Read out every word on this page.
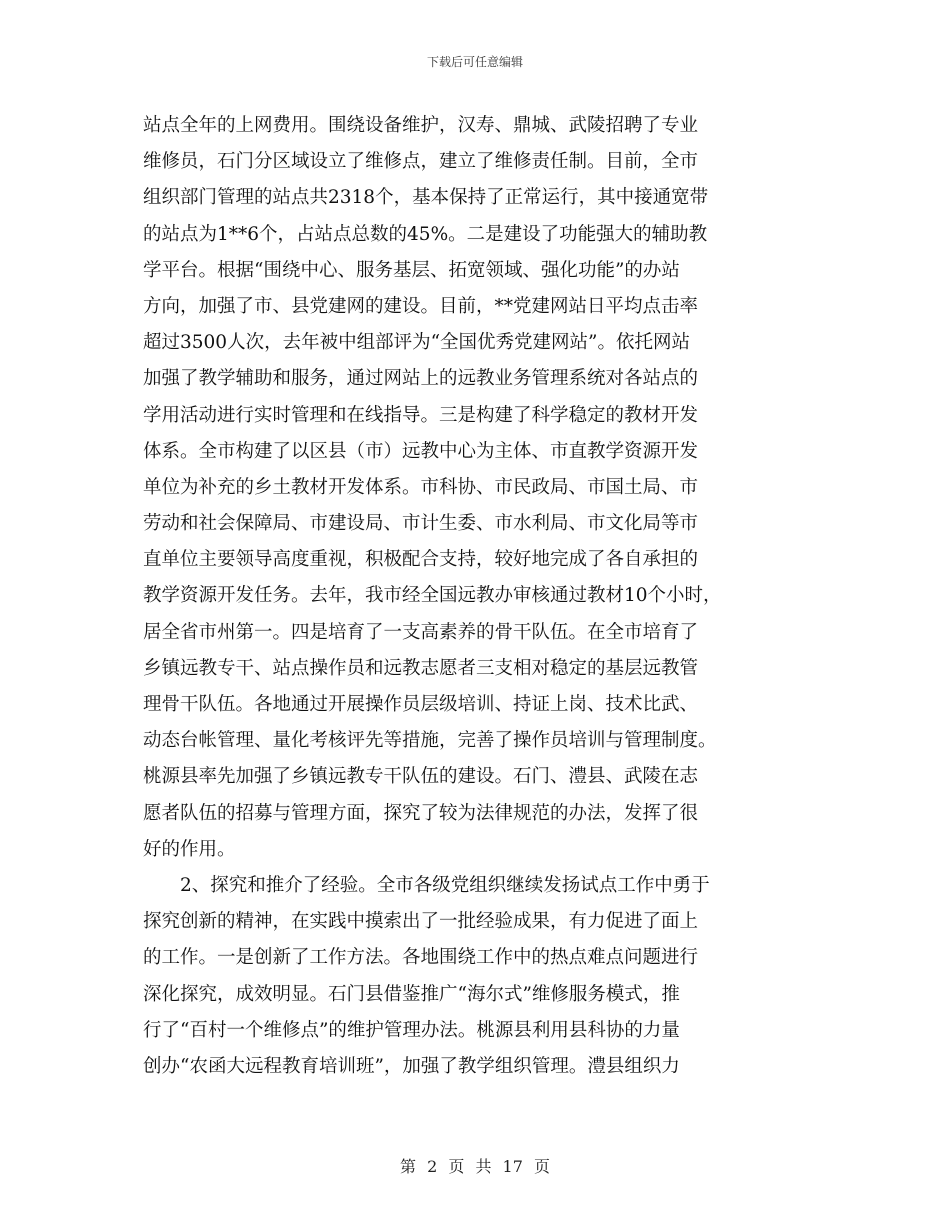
下载后可任意编辑
站点全年的上网费用。围绕设备维护，汉寿、鼎城、武陵招聘了专业
维修员，石门分区域设立了维修点，建立了维修责任制。目前，全市
组织部门管理的站点共2318个，基本保持了正常运行，其中接通宽带
的站点为1**6个，占站点总数的45%。二是建设了功能强大的辅助教
学平台。根据“围绕中心、服务基层、拓宽领域、强化功能”的办站
方向，加强了市、县党建网的建设。目前，**党建网站日平均点击率
超过3500人次，去年被中组部评为“全国优秀党建网站”。依托网站
加强了教学辅助和服务，通过网站上的远教业务管理系统对各站点的
学用活动进行实时管理和在线指导。三是构建了科学稳定的教材开发
体系。全市构建了以区县（市）远教中心为主体、市直教学资源开发
单位为补充的乡土教材开发体系。市科协、市民政局、市国土局、市
劳动和社会保障局、市建设局、市计生委、市水利局、市文化局等市
直单位主要领导高度重视，积极配合支持，较好地完成了各自承担的
教学资源开发任务。去年，我市经全国远教办审核通过教材10个小时，
居全省市州第一。四是培育了一支高素养的骨干队伍。在全市培育了
乡镇远教专干、站点操作员和远教志愿者三支相对稳定的基层远教管
理骨干队伍。各地通过开展操作员层级培训、持证上岗、技术比武、
动态台帐管理、量化考核评先等措施，完善了操作员培训与管理制度。
桃源县率先加强了乡镇远教专干队伍的建设。石门、澧县、武陵在志
愿者队伍的招募与管理方面，探究了较为法律规范的办法，发挥了很
好的作用。
　　2、探究和推介了经验。全市各级党组织继续发扬试点工作中勇于
探究创新的精神，在实践中摸索出了一批经验成果，有力促进了面上
的工作。一是创新了工作方法。各地围绕工作中的热点难点问题进行
深化探究，成效明显。石门县借鉴推广“海尔式”维修服务模式，推
行了“百村一个维修点”的维护管理办法。桃源县利用县科协的力量
创办“农函大远程教育培训班”，加强了教学组织管理。澧县组织力
第 2 页 共 17 页
